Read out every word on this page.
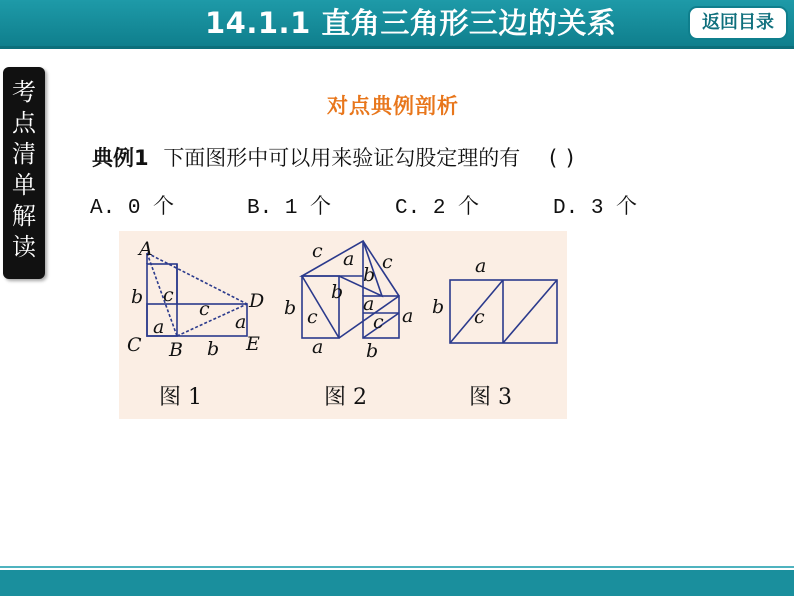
14.1.1 直角三角形三边的关系	返回目录
考点清单解读
对点典例剖析
典例1 下面图形中可以用来验证勾股定理的有 ( )
A. 0 个	B. 1 个	C. 2 个	D. 3 个
A
B
C
D
E
b
a
b
c
c
a
图 1
c a c
b
b
b
a
c	c a
a b
图 2
a
b c
图 3
